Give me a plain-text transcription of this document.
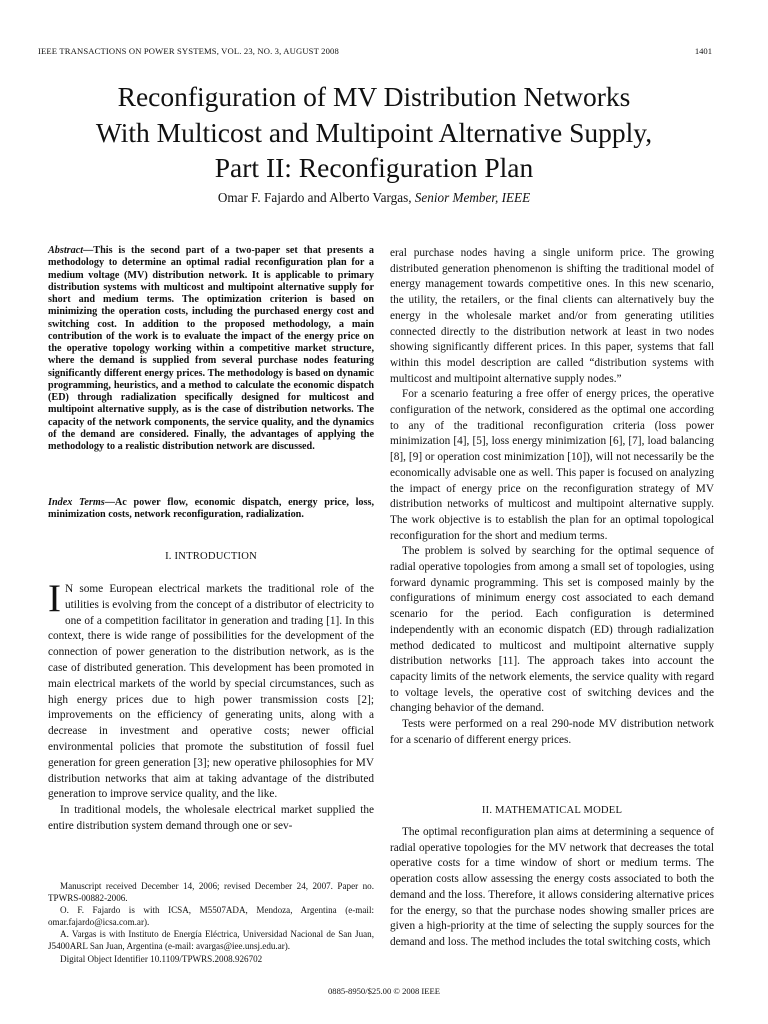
IEEE TRANSACTIONS ON POWER SYSTEMS, VOL. 23, NO. 3, AUGUST 2008	1401
Reconfiguration of MV Distribution Networks
With Multicost and Multipoint Alternative Supply,
Part II: Reconfiguration Plan
Omar F. Fajardo and Alberto Vargas, Senior Member, IEEE
Abstract—This is the second part of a two-paper set that presents a methodology to determine an optimal radial reconfiguration plan for a medium voltage (MV) distribution network. It is applicable to primary distribution systems with multicost and multipoint alternative supply for short and medium terms. The optimization criterion is based on minimizing the operation costs, including the purchased energy cost and switching cost. In addition to the proposed methodology, a main contribution of the work is to evaluate the impact of the energy price on the operative topology working within a competitive market structure, where the demand is supplied from several purchase nodes featuring significantly different energy prices. The methodology is based on dynamic programming, heuristics, and a method to calculate the economic dispatch (ED) through radialization specifically designed for multicost and multipoint alternative supply, as is the case of distribution networks. The capacity of the network components, the service quality, and the dynamics of the demand are considered. Finally, the advantages of applying the methodology to a realistic distribution network are discussed.
Index Terms—Ac power flow, economic dispatch, energy price, loss, minimization costs, network reconfiguration, radialization.
I. INTRODUCTION

I N some European electrical markets the traditional role of the utilities is evolving from the concept of a distributor of electricity to one of a competition facilitator in generation and trading [1]. In this context, there is wide range of possibilities for the development of the connection of power generation to the distribution network, as is the case of distributed generation. This development has been promoted in main electrical markets of the world by special circumstances, such as high energy prices due to high power transmission costs [2]; improvements on the efficiency of generating units, along with a decrease in investment and operative costs; newer official environmental policies that promote the substitution of fossil fuel generation for green generation [3]; new operative philosophies for MV distribution networks that aim at taking advantage of the distributed generation to improve service quality, and the like.

In traditional models, the wholesale electrical market supplied the entire distribution system demand through one or sev-

Manuscript received December 14, 2006; revised December 24, 2007. Paper no. TPWRS-00882-2006.

O. F. Fajardo is with ICSA, M5507ADA, Mendoza, Argentina (e-mail: omar.fajardo@icsa.com.ar).

A. Vargas is with Instituto de Energía Eléctrica, Universidad Nacional de San Juan, J5400ARL San Juan, Argentina (e-mail: avargas@iee.unsj.edu.ar).

Digital Object Identifier 10.1109/TPWRS.2008.926702

eral purchase nodes having a single uniform price. The growing distributed generation phenomenon is shifting the traditional model of energy management towards competitive ones. In this new scenario, the utility, the retailers, or the final clients can alternatively buy the energy in the wholesale market and/or from generating utilities connected directly to the distribution network at least in two nodes showing significantly different prices. In this paper, systems that fall within this model description are called “distribution systems with multicost and multipoint alternative supply nodes.”

For a scenario featuring a free offer of energy prices, the operative configuration of the network, considered as the optimal one according to any of the traditional reconfiguration criteria (loss power minimization [4], [5], loss energy minimization [6], [7], load balancing [8], [9] or operation cost minimization [10]), will not necessarily be the economically advisable one as well. This paper is focused on analyzing the impact of energy price on the reconfiguration strategy of MV distribution networks of multicost and multipoint alternative supply. The work objective is to establish the plan for an optimal topological reconfiguration for the short and medium terms.

The problem is solved by searching for the optimal sequence of radial operative topologies from among a small set of topologies, using forward dynamic programming. This set is composed mainly by the configurations of minimum energy cost associated to each demand scenario for the period. Each configuration is determined independently with an economic dispatch (ED) through radialization method dedicated to multicost and multipoint alternative supply distribution networks [11]. The approach takes into account the capacity limits of the network elements, the service quality with regard to voltage levels, the operative cost of switching devices and the changing behavior of the demand.

Tests were performed on a real 290-node MV distribution network for a scenario of different energy prices.

II. MATHEMATICAL MODEL

The optimal reconfiguration plan aims at determining a sequence of radial operative topologies for the MV network that decreases the total operative costs for a time window of short or medium terms. The operation costs allow assessing the energy costs associated to both the demand and the loss. Therefore, it allows considering alternative prices for the energy, so that the purchase nodes showing smaller prices are given a high-priority at the time of selecting the supply sources for the demand and loss. The method includes the total switching costs, which

0885-8950/$25.00 © 2008 IEEE
